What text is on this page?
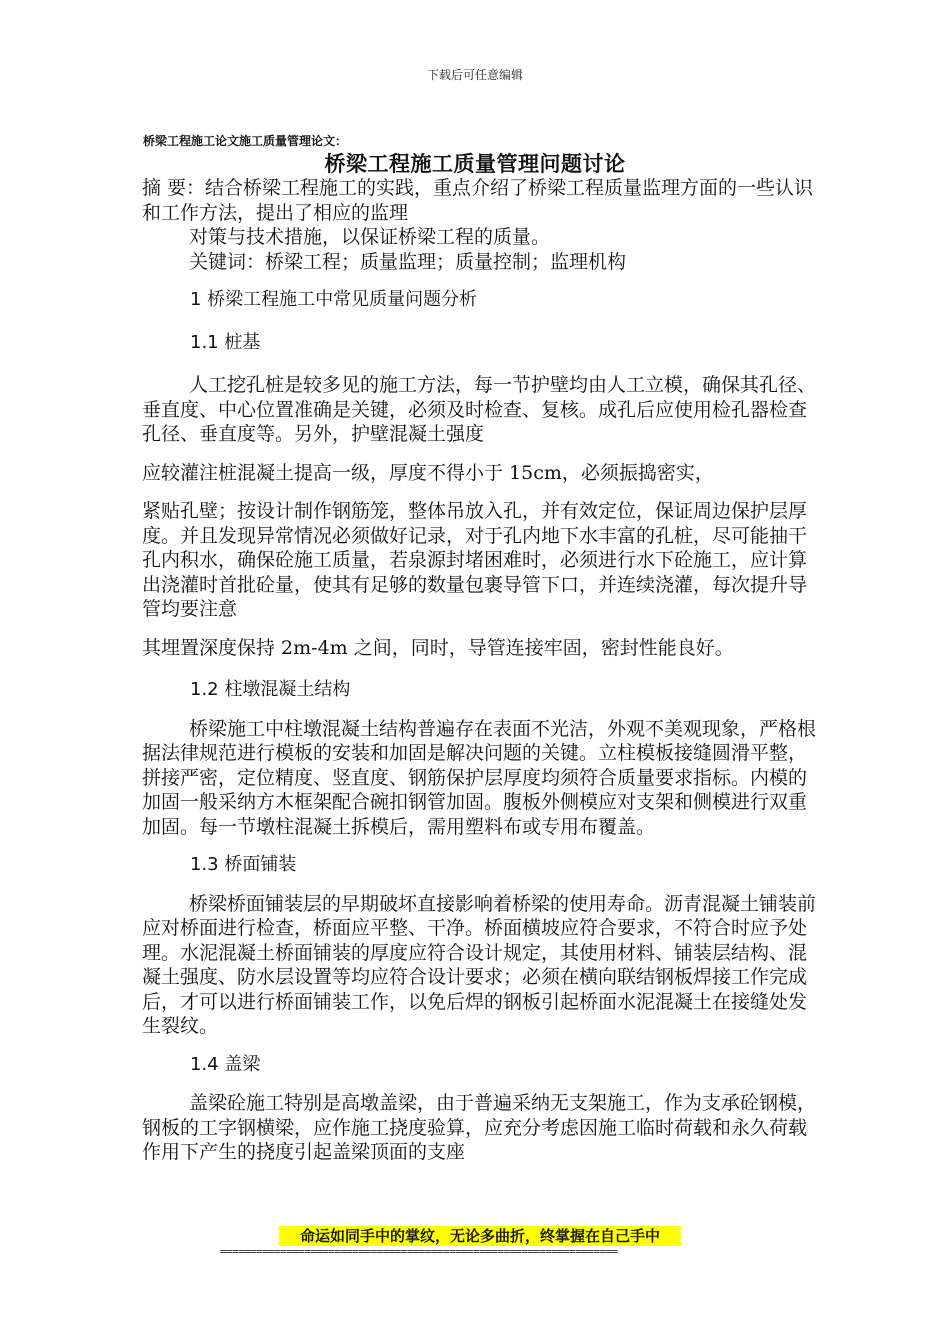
下载后可任意编辑
桥梁工程施工论文施工质量管理论文：
桥梁工程施工质量管理问题讨论

摘 要：结合桥梁工程施工的实践，重点介绍了桥梁工程质量监理方面的一些认识和工作方法，提出了相应的监理

对策与技术措施，以保证桥梁工程的质量。

关键词：桥梁工程；质量监理；质量控制；监理机构

1 桥梁工程施工中常见质量问题分析

1.1 桩基

人工挖孔桩是较多见的施工方法，每一节护壁均由人工立模，确保其孔径、垂直度、中心位置准确是关键，必须及时检查、复核。成孔后应使用检孔器检查孔径、垂直度等。另外，护壁混凝土强度

应较灌注桩混凝土提高一级，厚度不得小于 15cm，必须振捣密实，

紧贴孔壁；按设计制作钢筋笼，整体吊放入孔，并有效定位，保证周边保护层厚度。并且发现异常情况必须做好记录，对于孔内地下水丰富的孔桩，尽可能抽干孔内积水，确保砼施工质量，若泉源封堵困难时，必须进行水下砼施工，应计算出浇灌时首批砼量，使其有足够的数量包裹导管下口，并连续浇灌，每次提升导管均要注意

其埋置深度保持 2m-4m 之间，同时，导管连接牢固，密封性能良好。

1.2 柱墩混凝土结构

桥梁施工中柱墩混凝土结构普遍存在表面不光洁，外观不美观现象，严格根据法律规范进行模板的安装和加固是解决问题的关键。立柱模板接缝圆滑平整，拼接严密，定位精度、竖直度、钢筋保护层厚度均须符合质量要求指标。内模的加固一般采纳方木框架配合碗扣钢管加固。腹板外侧模应对支架和侧模进行双重加固。每一节墩柱混凝土拆模后，需用塑料布或专用布覆盖。

1.3 桥面铺装

桥梁桥面铺装层的早期破坏直接影响着桥梁的使用寿命。沥青混凝土铺装前应对桥面进行检查，桥面应平整、干净。桥面横坡应符合要求，不符合时应予处理。水泥混凝土桥面铺装的厚度应符合设计规定，其使用材料、铺装层结构、混凝土强度、防水层设置等均应符合设计要求；必须在横向联结钢板焊接工作完成后，才可以进行桥面铺装工作，以免后焊的钢板引起桥面水泥混凝土在接缝处发生裂纹。

1.4 盖梁

盖梁砼施工特别是高墩盖梁，由于普遍采纳无支架施工，作为支承砼钢模，钢板的工字钢横梁，应作施工挠度验算，应充分考虑因施工临时荷载和永久荷载作用下产生的挠度引起盖梁顶面的支座

命运如同手中的掌纹，无论多曲折，终掌握在自己手中
==================================================================
